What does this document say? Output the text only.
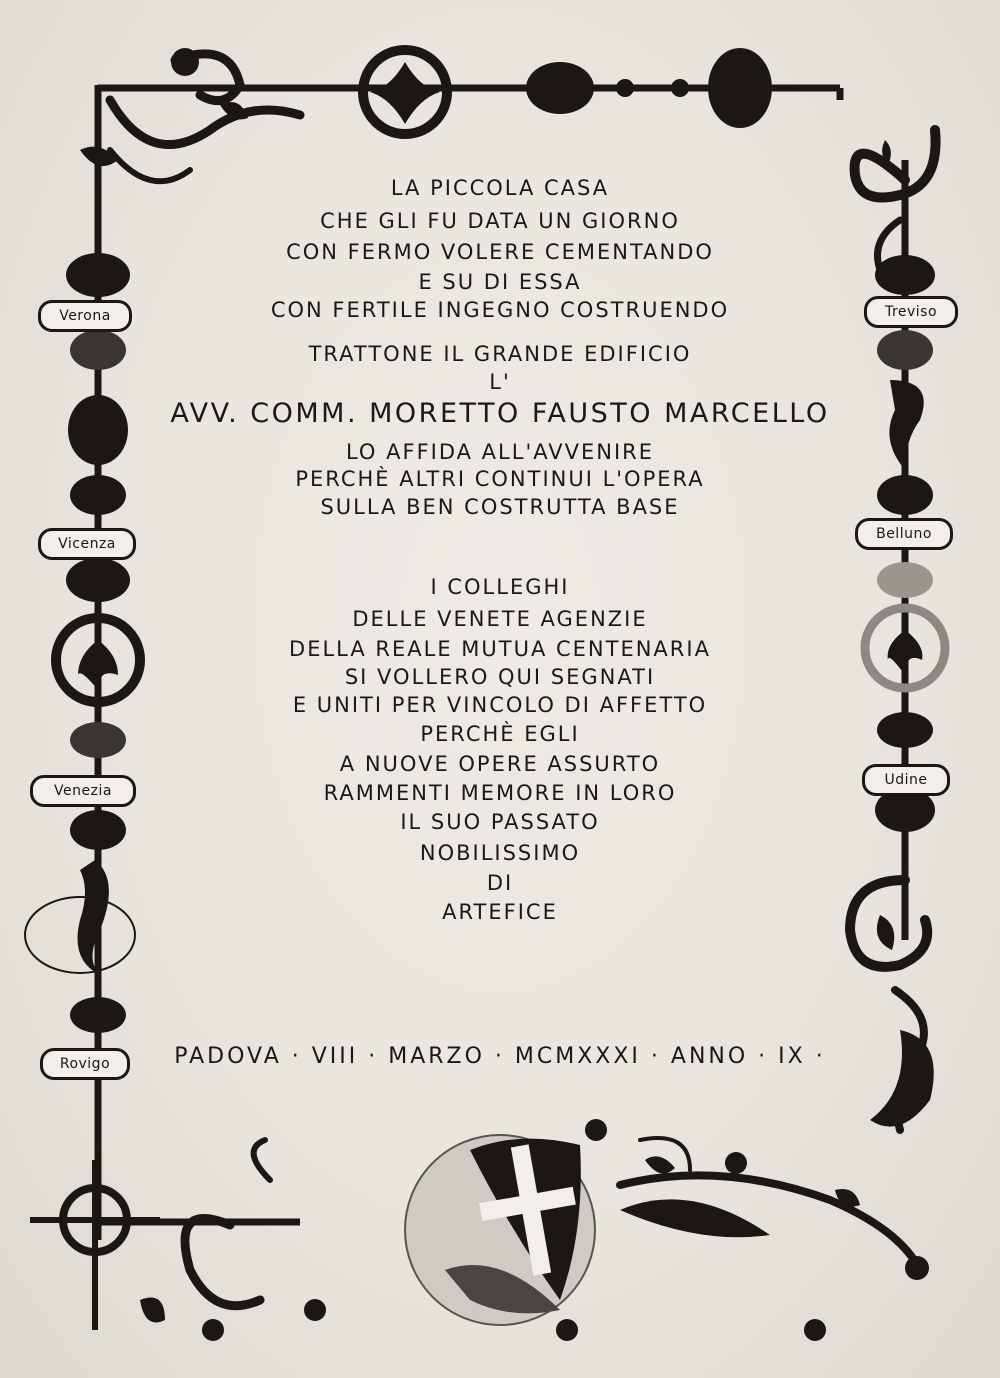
Verona
Vicenza
Venezia
Rovigo
Treviso
Belluno
Udine
LA PICCOLA CASA
CHE GLI FU DATA UN GIORNO
CON FERMO VOLERE CEMENTANDO
E SU DI ESSA
CON FERTILE INGEGNO COSTRUENDO
TRATTONE IL GRANDE EDIFICIO
L'
AVV. COMM. MORETTO FAUSTO MARCELLO
LO AFFIDA ALL'AVVENIRE
PERCHÈ ALTRI CONTINUI L'OPERA
SULLA BEN COSTRUTTA BASE
I COLLEGHI
DELLE VENETE AGENZIE
DELLA REALE MUTUA CENTENARIA
SI VOLLERO QUI SEGNATI
E UNITI PER VINCOLO DI AFFETTO
PERCHÈ EGLI
A NUOVE OPERE ASSURTO
RAMMENTI MEMORE IN LORO
IL SUO PASSATO
NOBILISSIMO
DI
ARTEFICE
PADOVA · VIII · MARZO · MCMXXXI · ANNO · IX ·
